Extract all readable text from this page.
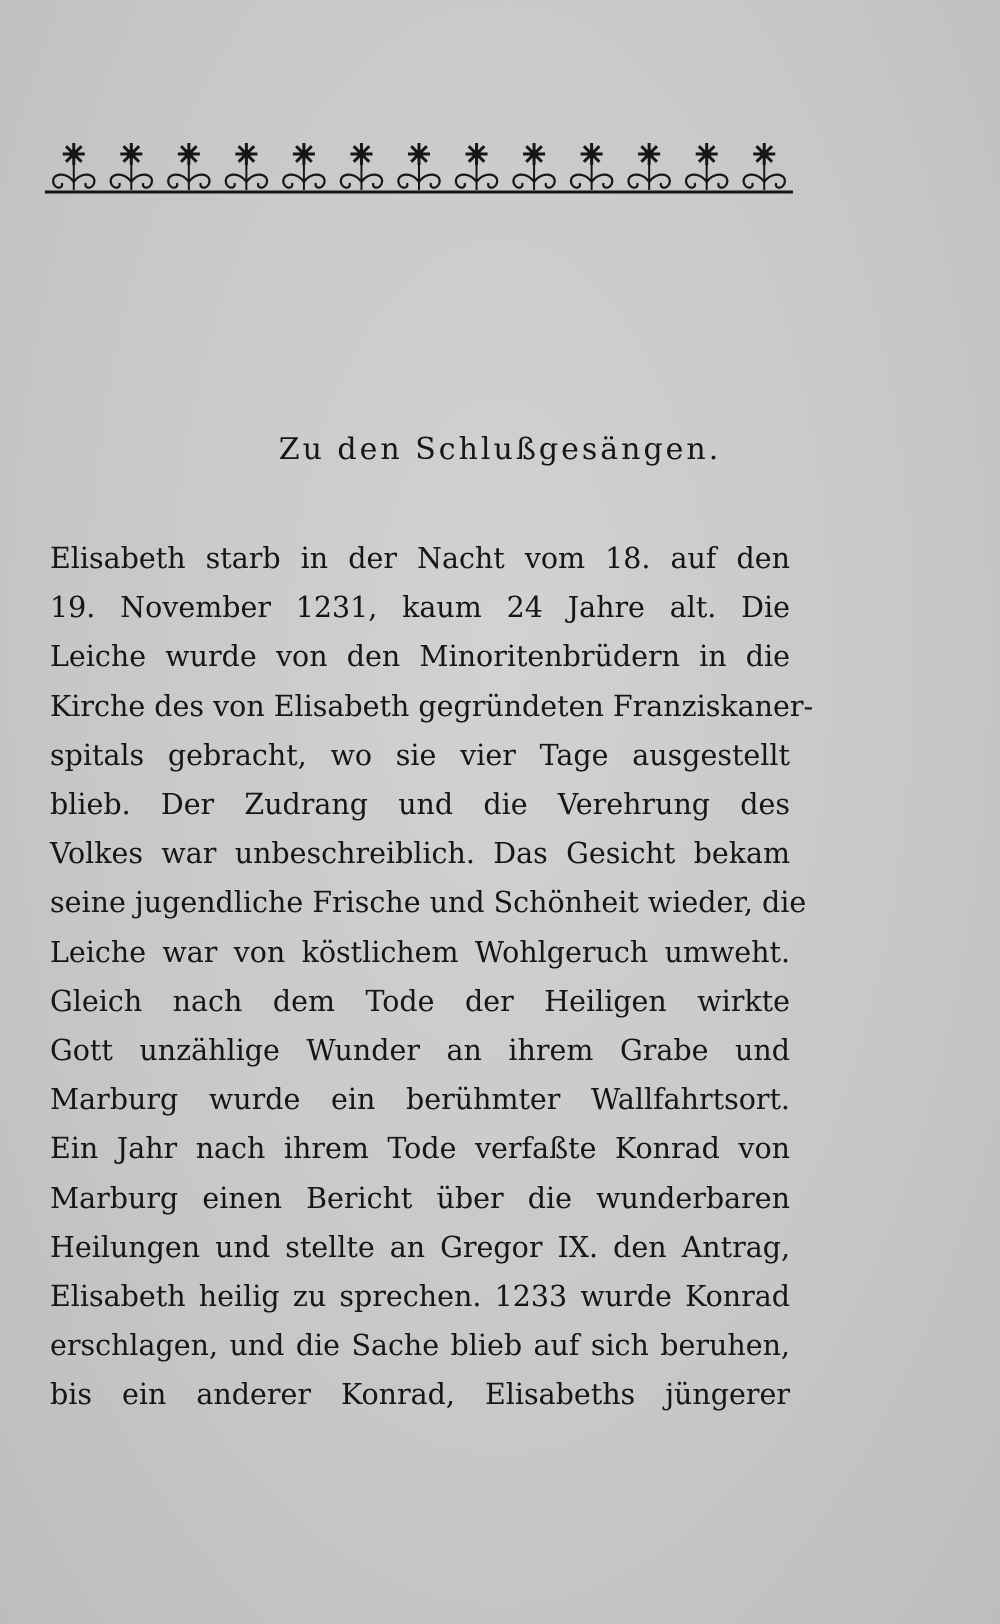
Zu den Schlußgesängen.
Elisabeth starb in der Nacht vom 18. auf den
19. November 1231, kaum 24 Jahre alt. Die
Leiche wurde von den Minoritenbrüdern in die
Kirche des von Elisabeth gegründeten Franziskaner-
spitals gebracht, wo sie vier Tage ausgestellt
blieb. Der Zudrang und die Verehrung des
Volkes war unbeschreiblich. Das Gesicht bekam
seine jugendliche Frische und Schönheit wieder, die
Leiche war von köstlichem Wohlgeruch umweht.
Gleich nach dem Tode der Heiligen wirkte
Gott unzählige Wunder an ihrem Grabe und
Marburg wurde ein berühmter Wallfahrtsort.
Ein Jahr nach ihrem Tode verfaßte Konrad von
Marburg einen Bericht über die wunderbaren
Heilungen und stellte an Gregor IX. den Antrag,
Elisabeth heilig zu sprechen. 1233 wurde Konrad
erschlagen, und die Sache blieb auf sich beruhen,
bis ein anderer Konrad, Elisabeths jüngerer
